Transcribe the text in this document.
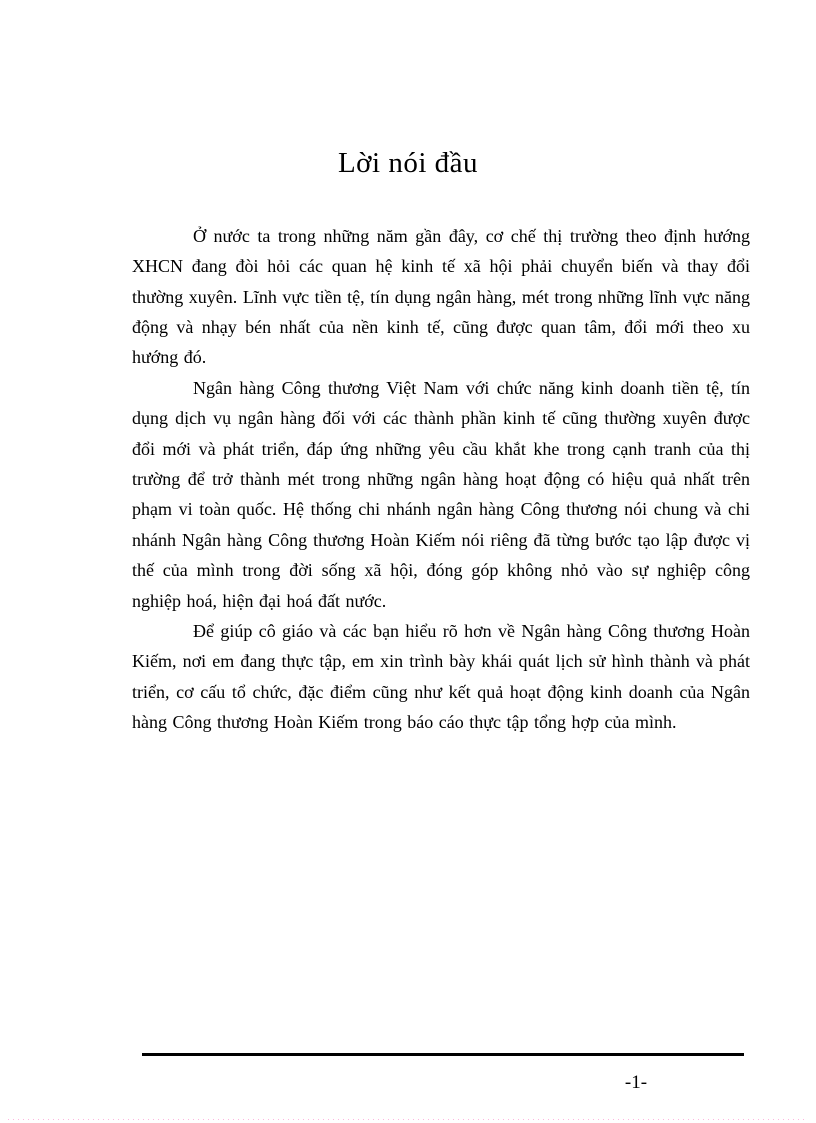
Lời nói đầu

Ở nước ta trong những năm gần đây, cơ chế thị trường theo định hướng XHCN đang đòi hỏi các quan hệ kinh tế xã hội phải chuyển biến và thay đổi thường xuyên. Lĩnh vực tiền tệ, tín dụng ngân hàng, mét trong những lĩnh vực năng động và nhạy bén nhất của nền kinh tế, cũng được quan tâm, đổi mới theo xu hướng đó.

Ngân hàng Công thương Việt Nam với chức năng kinh doanh tiền tệ, tín dụng dịch vụ ngân hàng đối với các thành phần kinh tế cũng thường xuyên được đổi mới và phát triển, đáp ứng những yêu cầu khắt khe trong cạnh tranh của thị trường để trở thành mét trong những ngân hàng hoạt động có hiệu quả nhất trên phạm vi toàn quốc. Hệ thống chi nhánh ngân hàng Công thương nói chung và chi nhánh Ngân hàng Công thương Hoàn Kiếm nói riêng đã từng bước tạo lập được vị thế của mình trong đời sống xã hội, đóng góp không nhỏ vào sự nghiệp công nghiệp hoá, hiện đại hoá đất nước.

Để giúp cô giáo và các bạn hiểu rõ hơn về Ngân hàng Công thương Hoàn Kiếm, nơi em đang thực tập, em xin trình bày khái quát lịch sử hình thành và phát triển, cơ cấu tổ chức, đặc điểm cũng như kết quả hoạt động kinh doanh của Ngân hàng Công thương Hoàn Kiếm trong báo cáo thực tập tổng hợp của mình.

-1-
